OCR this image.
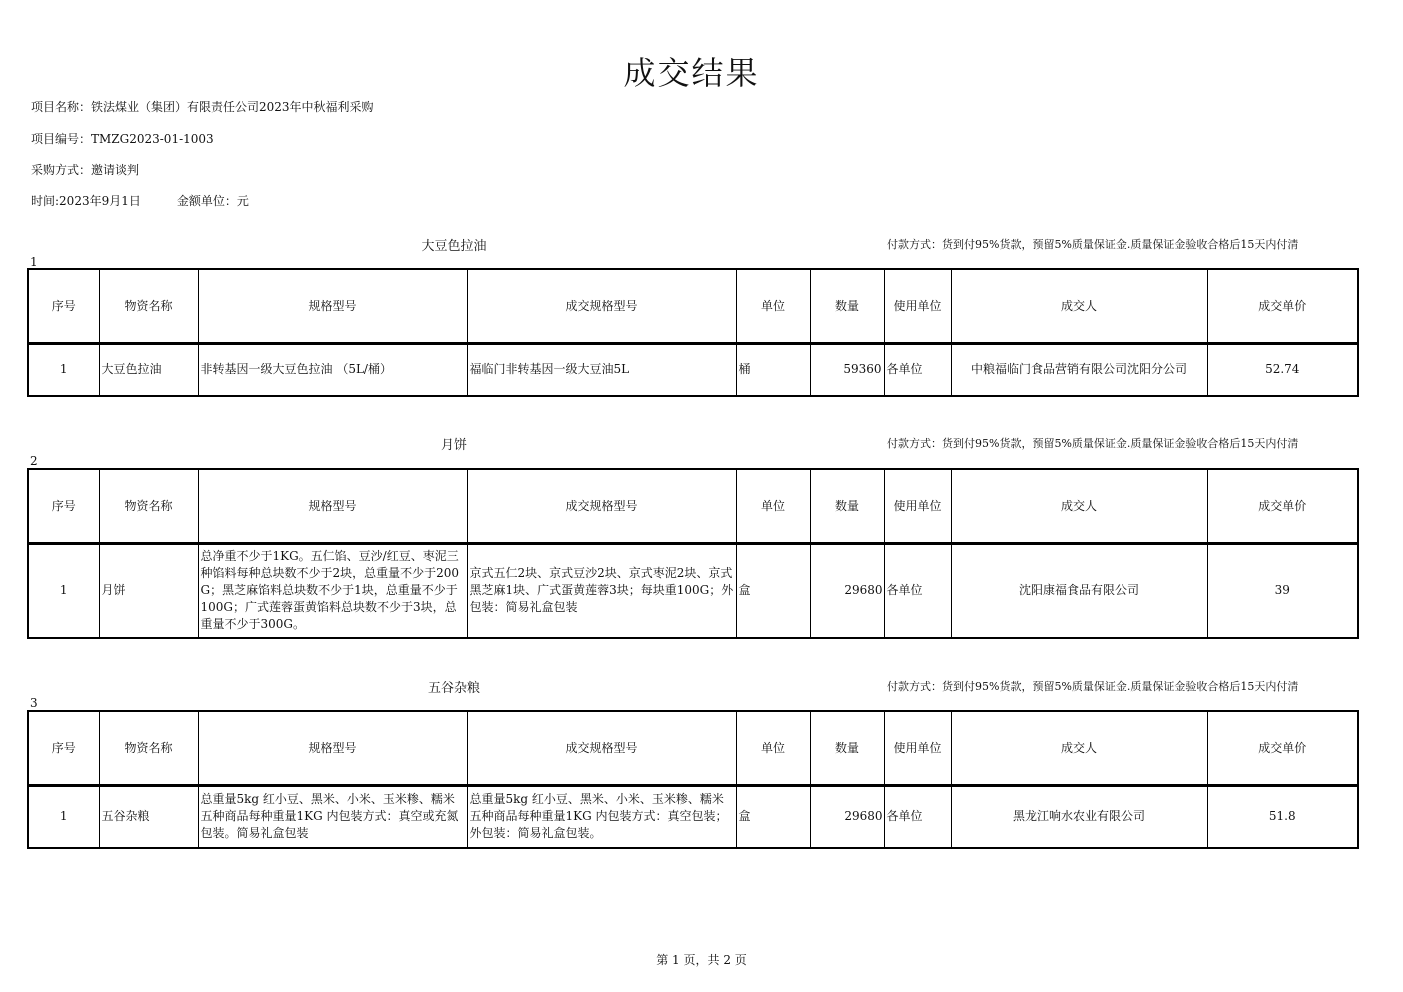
成交结果
项目名称：铁法煤业（集团）有限责任公司2023年中秋福利采购
项目编号：TMZG2023-01-1003
采购方式：邀请谈判
时间:2023年9月1日	金额单位：元
大豆色拉油	付款方式：货到付95%货款，预留5%质量保证金.质量保证金验收合格后15天内付清
1
序号	物资名称	规格型号	成交规格型号	单位	数量	使用单位	成交人	成交单价
1	大豆色拉油	非转基因一级大豆色拉油 （5L/桶）	福临门非转基因一级大豆油5L	桶	59360	各单位	中粮福临门食品营销有限公司沈阳分公司	52.74
月饼	付款方式：货到付95%货款，预留5%质量保证金.质量保证金验收合格后15天内付清
2
序号	物资名称	规格型号	成交规格型号	单位	数量	使用单位	成交人	成交单价
1	月饼	总净重不少于1KG。五仁馅、豆沙/红豆、枣泥三种馅料每种总块数不少于2块，总重量不少于200G；黑芝麻馅料总块数不少于1块，总重量不少于100G；广式莲蓉蛋黄馅料总块数不少于3块，总重量不少于300G。	京式五仁2块、京式豆沙2块、京式枣泥2块、京式黑芝麻1块、广式蛋黄莲蓉3块；每块重100G；外包装：简易礼盒包装	盒	29680	各单位	沈阳康福食品有限公司	39
五谷杂粮	付款方式：货到付95%货款，预留5%质量保证金.质量保证金验收合格后15天内付清
3
序号	物资名称	规格型号	成交规格型号	单位	数量	使用单位	成交人	成交单价
1	五谷杂粮	总重量5kg 红小豆、黑米、小米、玉米糁、糯米五种商品每种重量1KG 内包装方式：真空或充氮包装。简易礼盒包装	总重量5kg 红小豆、黑米、小米、玉米糁、糯米五种商品每种重量1KG 内包装方式：真空包装；外包装：简易礼盒包装。	盒	29680	各单位	黑龙江响水农业有限公司	51.8
第 1 页，共 2 页
